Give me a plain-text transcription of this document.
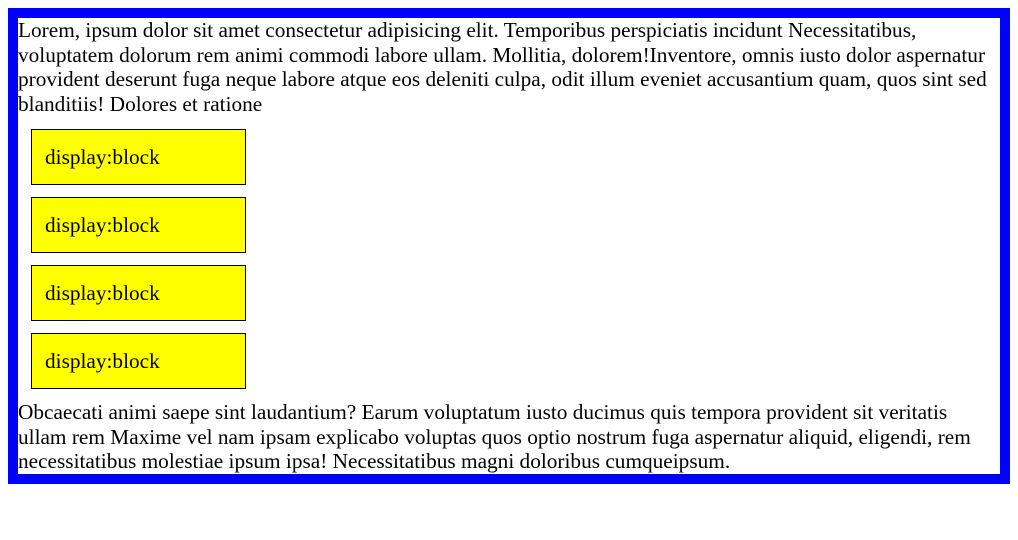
Lorem, ipsum dolor sit amet consectetur adipisicing elit. Temporibus perspiciatis incidunt Necessitatibus, voluptatem dolorum rem animi commodi labore ullam. Mollitia, dolorem!Inventore, omnis iusto dolor aspernatur provident deserunt fuga neque labore atque eos deleniti culpa, odit illum eveniet accusantium quam, quos sint sed blanditiis! Dolores et ratione

display:block
display:block
display:block
display:block

Obcaecati animi saepe sint laudantium? Earum voluptatum iusto ducimus quis tempora provident sit veritatis ullam rem Maxime vel nam ipsam explicabo voluptas quos optio nostrum fuga aspernatur aliquid, eligendi, rem necessitatibus molestiae ipsum ipsa! Necessitatibus magni doloribus cumqueipsum.
